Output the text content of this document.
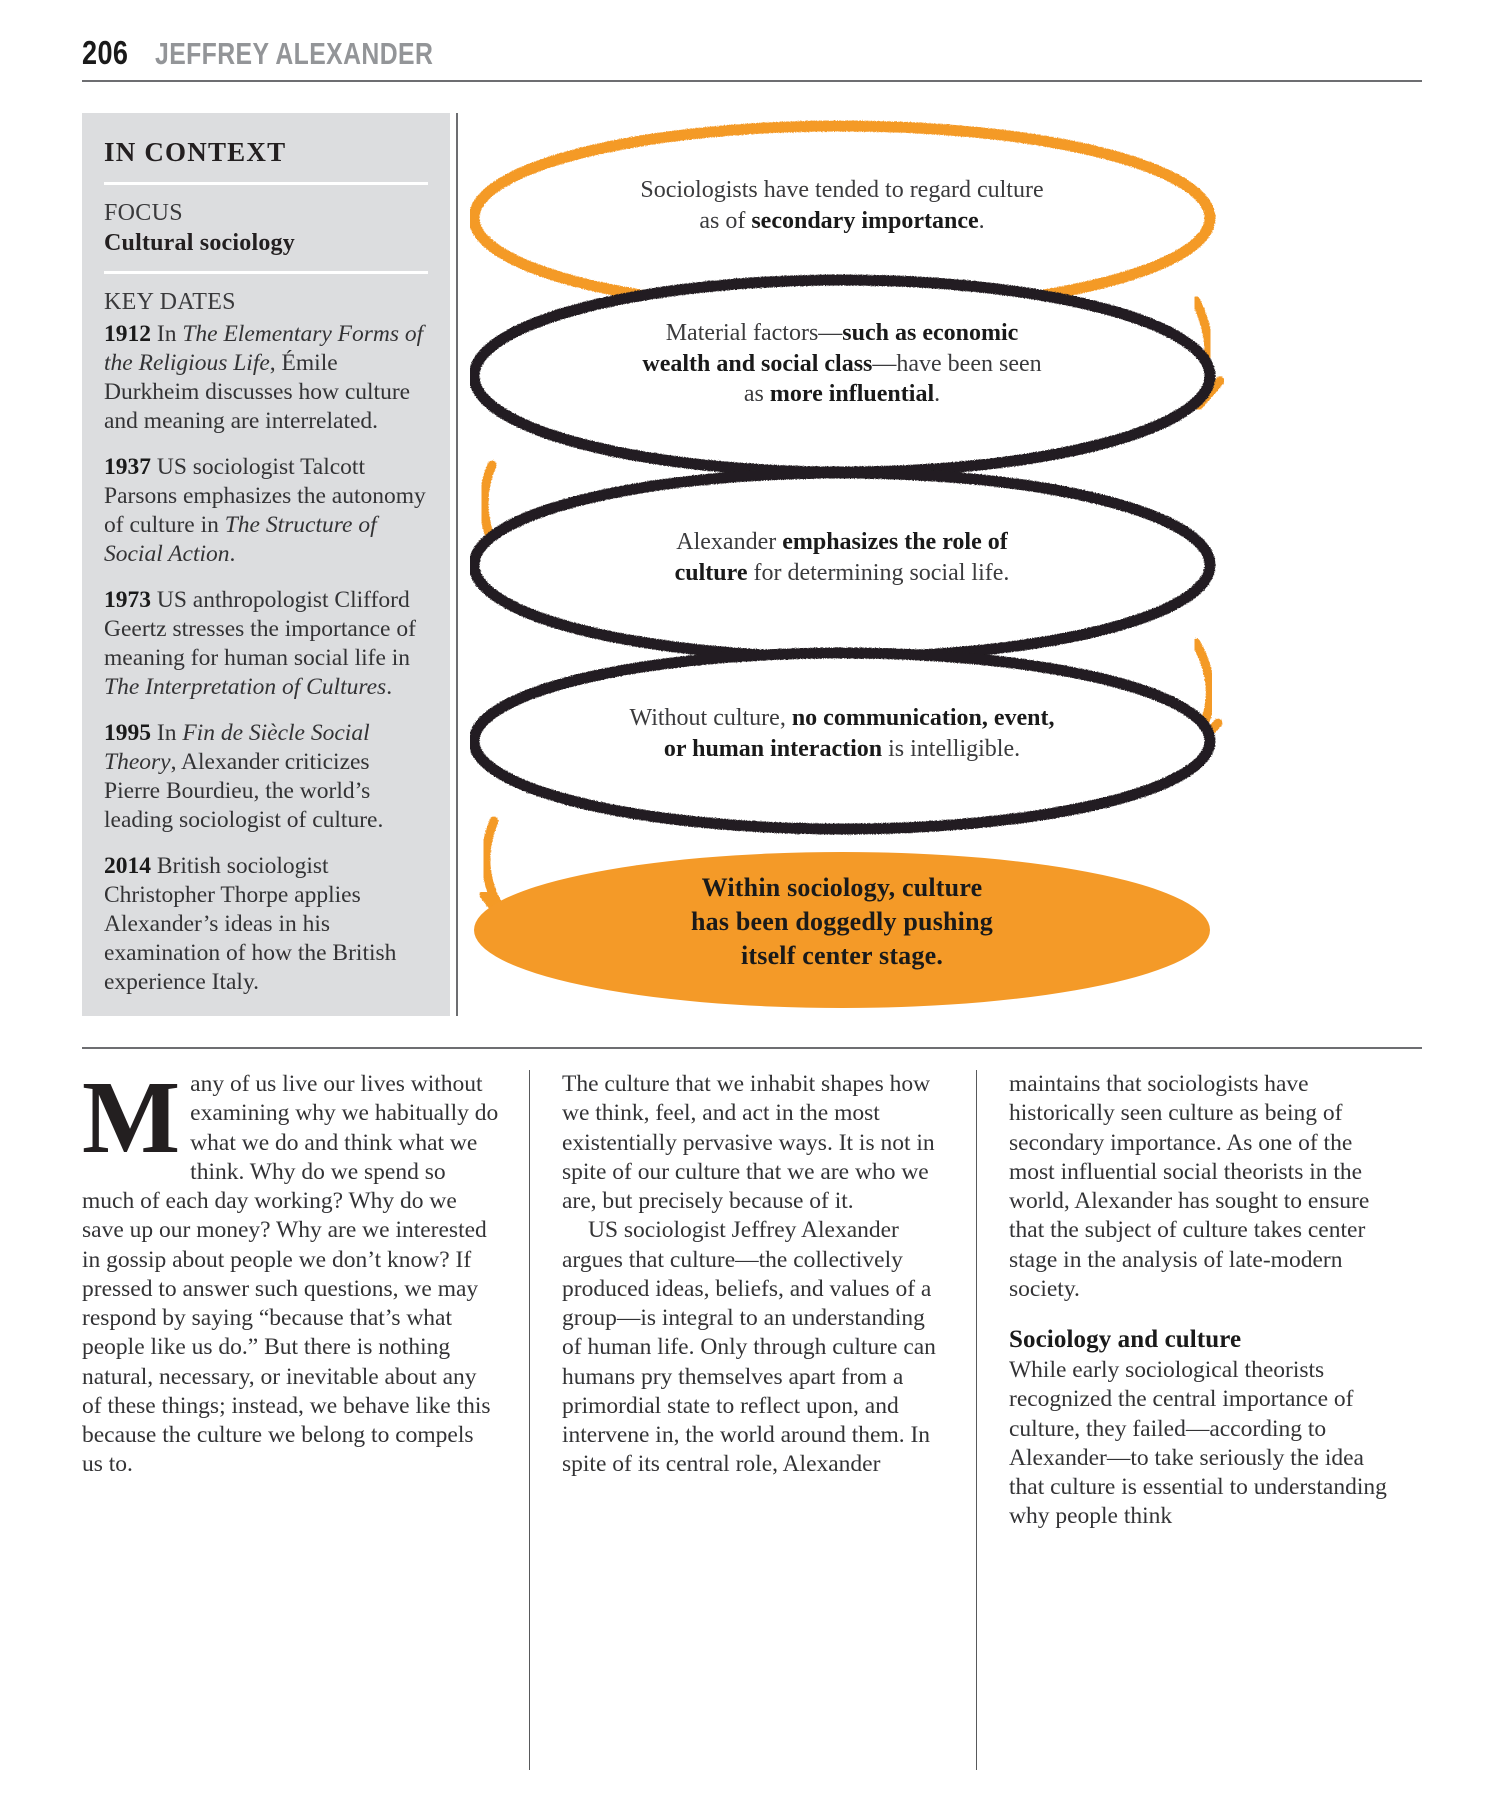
206 JEFFREY ALEXANDER
IN CONTEXT
FOCUS
Cultural sociology
KEY DATES

1912 In The Elementary Forms of the Religious Life, Émile Durkheim discusses how culture and meaning are interrelated.

1937 US sociologist Talcott Parsons emphasizes the autonomy of culture in The Structure of Social Action.

1973 US anthropologist Clifford Geertz stresses the importance of meaning for human social life in The Interpretation of Cultures.

1995 In Fin de Siècle Social Theory, Alexander criticizes Pierre Bourdieu, the world’s leading sociologist of culture.

2014 British sociologist Christopher Thorpe applies Alexander’s ideas in his examination of how the British experience Italy.

Sociologists have tended to regard culture
as of secondary importance.
Material factors—such as economic
wealth and social class—have been seen
as more influential.
Alexander emphasizes the role of
culture for determining social life.
Without culture, no communication, event,
or human interaction is intelligible.
Within sociology, culture
has been doggedly pushing
itself center stage.

Many of us live our lives without examining why we habitually do what we do and think what we think. Why do we spend so much of each day working? Why do we save up our money? Why are we interested in gossip about people we don’t know? If pressed to answer such questions, we may respond by saying “because that’s what people like us do.” But there is nothing natural, necessary, or inevitable about any of these things; instead, we behave like this because the culture we belong to compels us to.

The culture that we inhabit shapes how we think, feel, and act in the most existentially pervasive ways. It is not in spite of our culture that we are who we are, but precisely because of it.

US sociologist Jeffrey Alexander argues that culture—the collectively produced ideas, beliefs, and values of a group—is integral to an understanding of human life. Only through culture can humans pry themselves apart from a primordial state to reflect upon, and intervene in, the world around them. In spite of its central role, Alexander

maintains that sociologists have historically seen culture as being of secondary importance. As one of the most influential social theorists in the world, Alexander has sought to ensure that the subject of culture takes center stage in the analysis of late-modern society.

Sociology and culture

While early sociological theorists recognized the central importance of culture, they failed—according to Alexander—to take seriously the idea that culture is essential to understanding why people think
